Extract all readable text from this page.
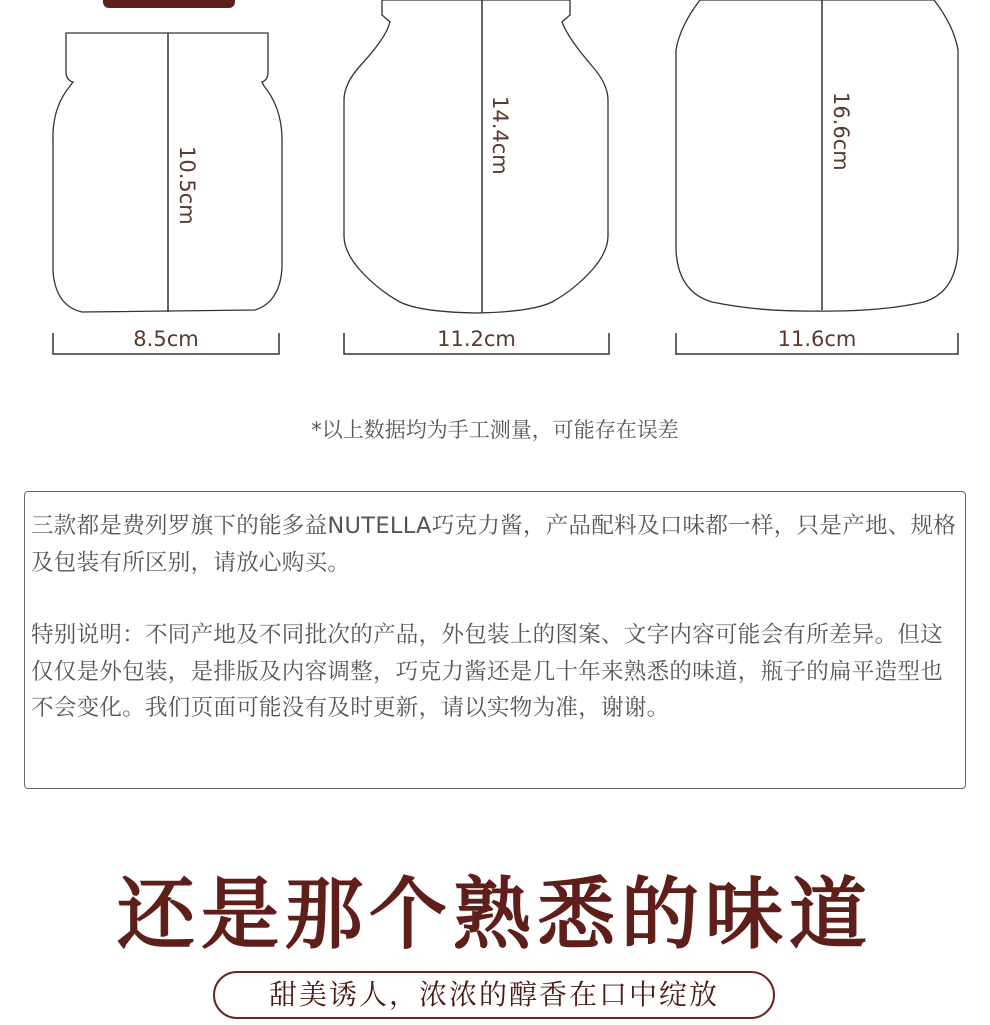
10.5cm
14.4cm	16.6cm
8.5cm	11.2cm	11.6cm
*以上数据均为手工测量，可能存在误差

三款都是费列罗旗下的能多益NUTELLA巧克力酱，产品配料及口味都一样，只是产地、规格及包装有所区别，请放心购买。

特别说明：不同产地及不同批次的产品，外包装上的图案、文字内容可能会有所差异。但这仅仅是外包装，是排版及内容调整，巧克力酱还是几十年来熟悉的味道，瓶子的扁平造型也不会变化。我们页面可能没有及时更新，请以实物为准，谢谢。

还是那个熟悉的味道
甜美诱人，浓浓的醇香在口中绽放
